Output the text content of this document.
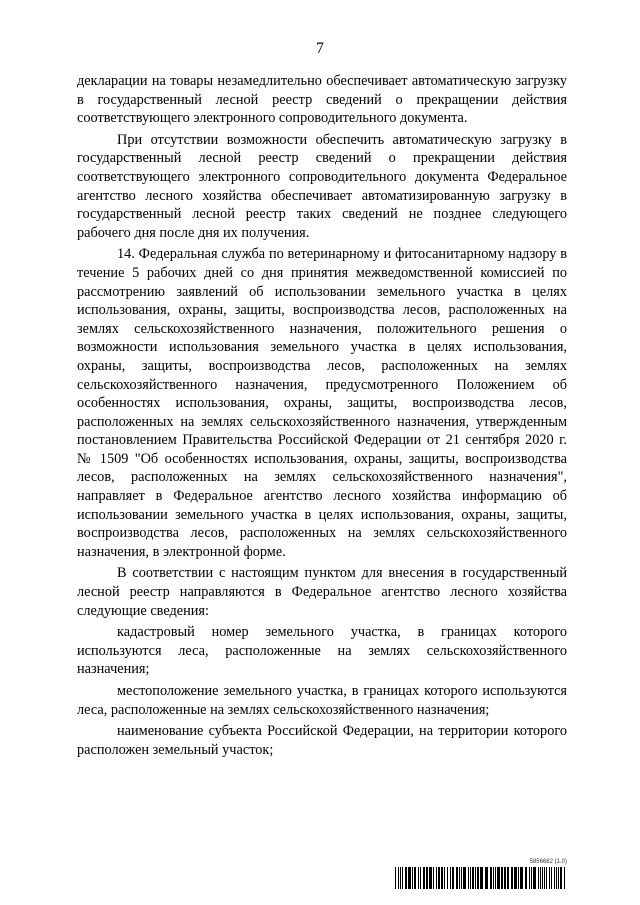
7

декларации на товары незамедлительно обеспечивает автоматическую загрузку в государственный лесной реестр сведений о прекращении действия соответствующего электронного сопроводительного документа.

При отсутствии возможности обеспечить автоматическую загрузку в государственный лесной реестр сведений о прекращении действия соответствующего электронного сопроводительного документа Федеральное агентство лесного хозяйства обеспечивает автоматизированную загрузку в государственный лесной реестр таких сведений не позднее следующего рабочего дня после дня их получения.

14. Федеральная служба по ветеринарному и фитосанитарному надзору в течение 5 рабочих дней со дня принятия межведомственной комиссией по рассмотрению заявлений об использовании земельного участка в целях использования, охраны, защиты, воспроизводства лесов, расположенных на землях сельскохозяйственного назначения, положительного решения о возможности использования земельного участка в целях использования, охраны, защиты, воспроизводства лесов, расположенных на землях сельскохозяйственного назначения, предусмотренного Положением об особенностях использования, охраны, защиты, воспроизводства лесов, расположенных на землях сельскохозяйственного назначения, утвержденным постановлением Правительства Российской Федерации от 21 сентября 2020 г. № 1509 "Об особенностях использования, охраны, защиты, воспроизводства лесов, расположенных на землях сельскохозяйственного назначения", направляет в Федеральное агентство лесного хозяйства информацию об использовании земельного участка в целях использования, охраны, защиты, воспроизводства лесов, расположенных на землях сельскохозяйственного назначения, в электронной форме.

В соответствии с настоящим пунктом для внесения в государственный лесной реестр направляются в Федеральное агентство лесного хозяйства следующие сведения:

кадастровый номер земельного участка, в границах которого используются леса, расположенные на землях сельскохозяйственного назначения;

местоположение земельного участка, в границах которого используются леса, расположенные на землях сельскохозяйственного назначения;

наименование субъекта Российской Федерации, на территории которого расположен земельный участок;

5856682 (1.0)
